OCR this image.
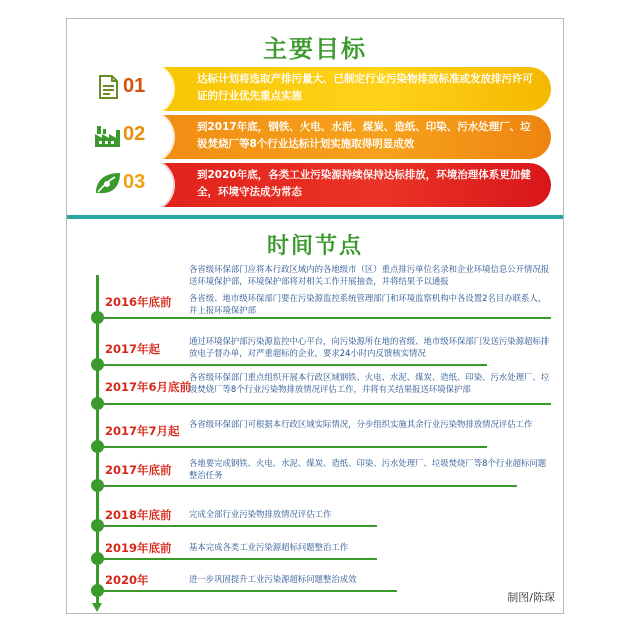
主要目标
达标计划将选取产排污量大、已制定行业污染物排放标准或发放排污许可证的行业优先重点实施
01
到2017年底，钢铁、火电、水泥、煤炭、造纸、印染、污水处理厂、垃圾焚烧厂等8个行业达标计划实施取得明显成效
02
到2020年底，各类工业污染源持续保持达标排放，环境治理体系更加健全，环境守法成为常态
03
时间节点
各省级环保部门应将本行政区域内的各地级市（区）重点排污单位名录和企业环境信息公开情况报送环境保护部，环境保护部将对相关工作开展抽查，并将结果予以通报
2016年底前 各省级、地市级环保部门要在污染源监控系统管理部门和环境监察机构中各设置2名目办联系人，并上报环境保护部
2017年起
通过环境保护部污染源监控中心平台，向污染源所在地的省级、地市级环保部门发送污染源超标排放电子督办单，对严重超标的企业，要求24小时内反馈核实情况
2017年6月底前
各省级环保部门重点组织开展本行政区域钢铁、火电、水泥、煤炭、造纸、印染、污水处理厂、垃圾焚烧厂等8个行业污染物排放情况评估工作，并将有关结果报送环境保护部
2017年7月起 各省级环保部门可根据本行政区域实际情况，分步组织实施其余行业污染物排放情况评估工作
2017年底前 各地要完成钢铁、火电、水泥、煤炭、造纸、印染、污水处理厂、垃圾焚烧厂等8个行业超标问题整治任务
2018年底前 完成全部行业污染物排放情况评估工作
2019年底前 基本完成各类工业污染源超标问题整治工作
2020年	进一步巩固提升工业污染源超标问题整治成效
制图/陈琛
